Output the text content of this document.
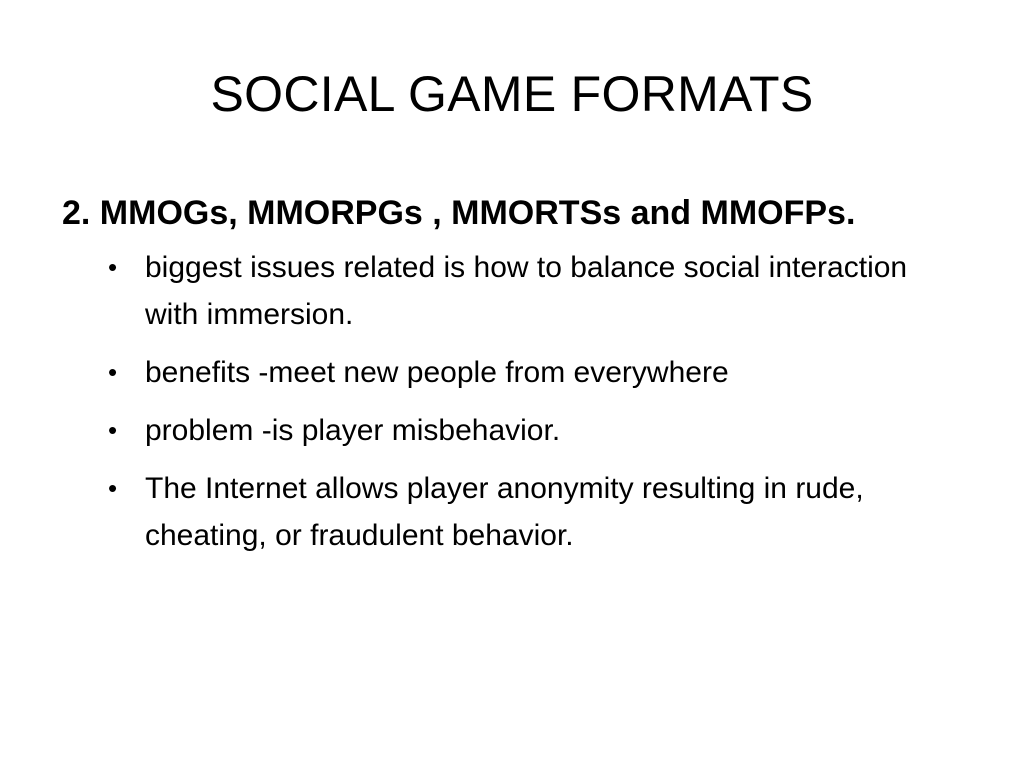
SOCIAL GAME FORMATS
2. MMOGs, MMORPGs , MMORTSs and MMOFPs.
• biggest issues related is how to balance social interaction with immersion.
• benefits -meet new people from everywhere
• problem -is player misbehavior.
• The Internet allows player anonymity resulting in rude, cheating, or fraudulent behavior.
